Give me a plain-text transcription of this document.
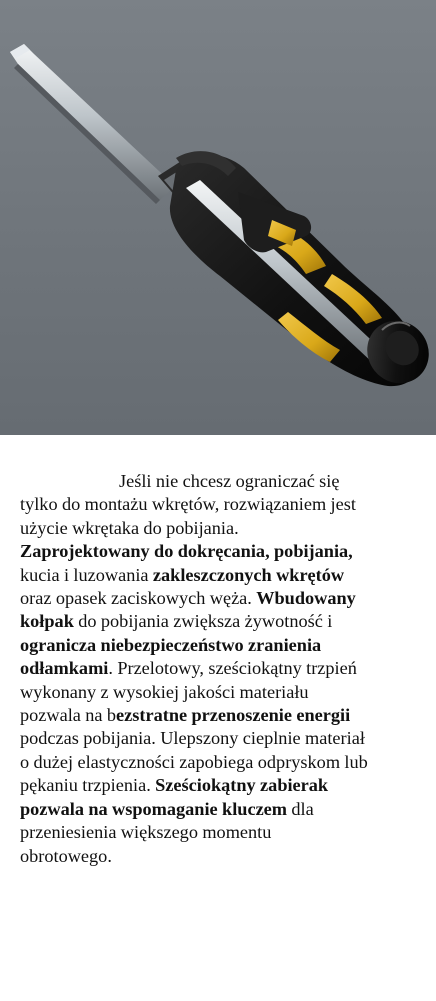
Jeśli nie chcesz ograniczać się
tylko do montażu wkrętów, rozwiązaniem jest
użycie wkrętaka do pobijania.
Zaprojektowany do dokręcania, pobijania,
kucia i luzowania zakleszczonych wkrętów
oraz opasek zaciskowych węża. Wbudowany
kołpak do pobijania zwiększa żywotność i
ogranicza niebezpieczeństwo zranienia
odłamkami. Przelotowy, sześciokątny trzpień
wykonany z wysokiej jakości materiału
pozwala na bezstratne przenoszenie energii
podczas pobijania. Ulepszony cieplnie materiał
o dużej elastyczności zapobiega odpryskom lub
pękaniu trzpienia. Sześciokątny zabierak
pozwala na wspomaganie kluczem dla
przeniesienia większego momentu
obrotowego.
